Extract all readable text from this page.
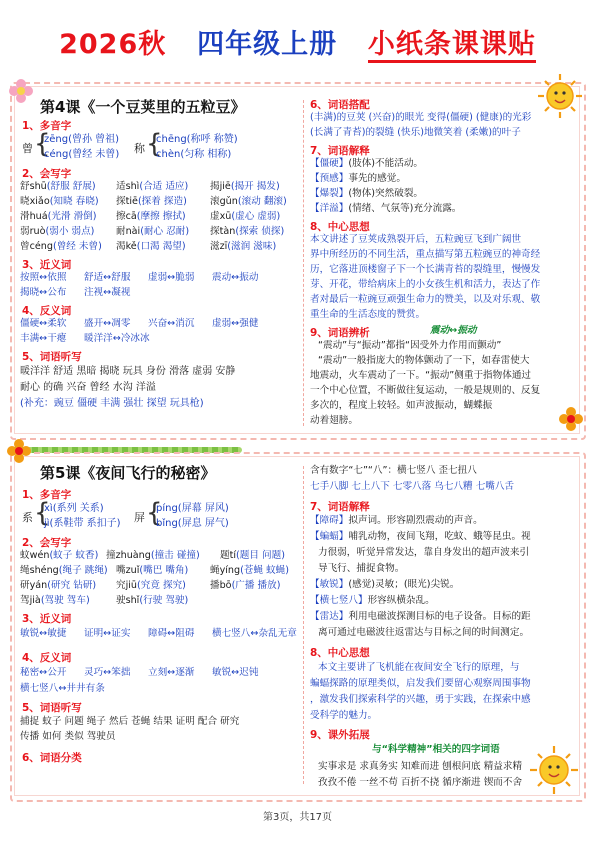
2026秋 四年级上册 小纸条课课贴
第4课《一个豆荚里的五粒豆》
1、多音字
曾 {
zēng(曾孙 曾祖)
céng(曾经 未曾) 称 {
chēng(称呼 称赞)
chèn(匀称 相称)
2、会写字
舒shū(舒服 舒展) 适shì(合适 适应) 揭jiē(揭开 揭发)
晓xiǎo(知晓 春晓) 探tiē(探着 探造) 滚gǔn(滚动 翻滚)
滑huá(光滑 滑倒) 擦cā(摩擦 擦拭)	虚xū(虚心 虚弱)
弱ruò(弱小 弱点) 耐nài(耐心 忍耐) 探tàn(探索 侦探)
曾céng(曾经 未曾) 渴kě(口渴 渴望)	滋zī(滋润 滋味)
3、近义词
按照↔依照 舒适↔舒服 虚弱↔脆弱 震动↔振动
揭晓↔公布 注视↔凝视
4、反义词
僵硬↔柔软 盛开↔凋零 兴奋↔消沉 虚弱↔强健
丰满↔干瘪 暖洋洋↔冷冰冰
5、词语听写
暖洋洋 舒适 黑暗 揭晓 玩具 身份 滑落 虚弱 安静
耐心 的确 兴奋 曾经 水沟 洋溢
(补充：豌豆 僵硬 丰满 强壮 探望 玩具枪)
6、词语搭配
(丰满)的豆荚 (兴奋)的眼光 变得(僵硬) (健康)的光彩
(长满了青苔)的裂缝 (快乐)地微笑着 (柔嫩)的叶子
7、词语解释
【僵硬】(肢体)不能活动。
【预感】事先的感觉。
【爆裂】(物体)突然破裂。
【洋溢】(情绪、气氛等)充分流露。
8、中心思想
本文讲述了豆荚成熟裂开后，五粒豌豆飞到广阔世
界中所经历的不同生活，重点描写第五粒豌豆的神奇经
历，它落进顶楼窗子下一个长满青苔的裂缝里，慢慢发
芽、开花，带给病床上的小女孩生机和活力，表达了作
者对最后一粒豌豆顽强生命力的赞美，以及对乐观、敬
重生命的生活态度的赞赏。
9、词语辨析	震动↔振动
“震动”与“振动”都指“因受外力作用而颤动”
“震动”一般指庞大的物体颤动了一下，如春雷使大
地震动，火车震动了一下。“振动”侧重于指物体通过
一个中心位置，不断做往复运动，一般是规则的、反复
多次的，程度上较轻。如声波振动，蝴蝶振
动着翅膀。
第5课《夜间飞行的秘密》
1、多音字
系 {
xì(系列 关系)
jì(系鞋带 系扣子) 屏 {
píng(屏幕 屏风)
bǐng(屏息 屏气)
2、会写字
蚊wén(蚊子 蚊香) 撞zhuàng(撞击 碰撞) 题tí(题目 问题)
绳shéng(绳子 跳绳) 嘴zuǐ(嘴巴 嘴角) 蝇yíng(苍蝇 蚊蝇)
研yán(研究 钻研) 究jiū(究竟 探究)	播bō(广播 播放)
驾jià(驾驶 驾车)	驶shǐ(行驶 驾驶)
3、近义词
敏锐↔敏捷 证明↔证实 障碍↔阻碍 横七竖八↔杂乱无章
4、反义词
秘密↔公开 灵巧↔笨拙 立刻↔逐渐 敏锐↔迟钝
横七竖八↔井井有条
5、词语听写
捕捉 蚊子 问题 绳子 然后 苍蝇 结果 证明 配合 研究
传播 如何 类似 驾驶员
6、词语分类
含有数字“七”“八”：横七竖八 歪七扭八
七手八脚 七上八下 七零八落 乌七八糟 七嘴八舌
7、词语解释
【障碍】拟声词。形容剧烈震动的声音。
【蝙蝠】哺乳动物，夜间飞翔，吃蚊、蛾等昆虫。视
力很弱，听觉异常发达，靠自身发出的超声波来引
导飞行、捕捉食物。
【敏锐】(感觉)灵敏；(眼光)尖锐。
【横七竖八】形容纵横杂乱。
【雷达】利用电磁波探测目标的电子设备。目标的距
离可通过电磁波往返雷达与目标之间的时间测定。
8、中心思想
本文主要讲了飞机能在夜间安全飞行的原理，与
蝙蝠探路的原理类似，启发我们要留心观察周围事物
，激发我们探索科学的兴趣，勇于实践，在探索中感
受科学的魅力。
9、课外拓展
与“科学精神”相关的四字词语
实事求是 求真务实 知难而进 刨根问底 精益求精
孜孜不倦 一丝不苟 百折不挠 循序渐进 锲而不舍
第3页，共17页
